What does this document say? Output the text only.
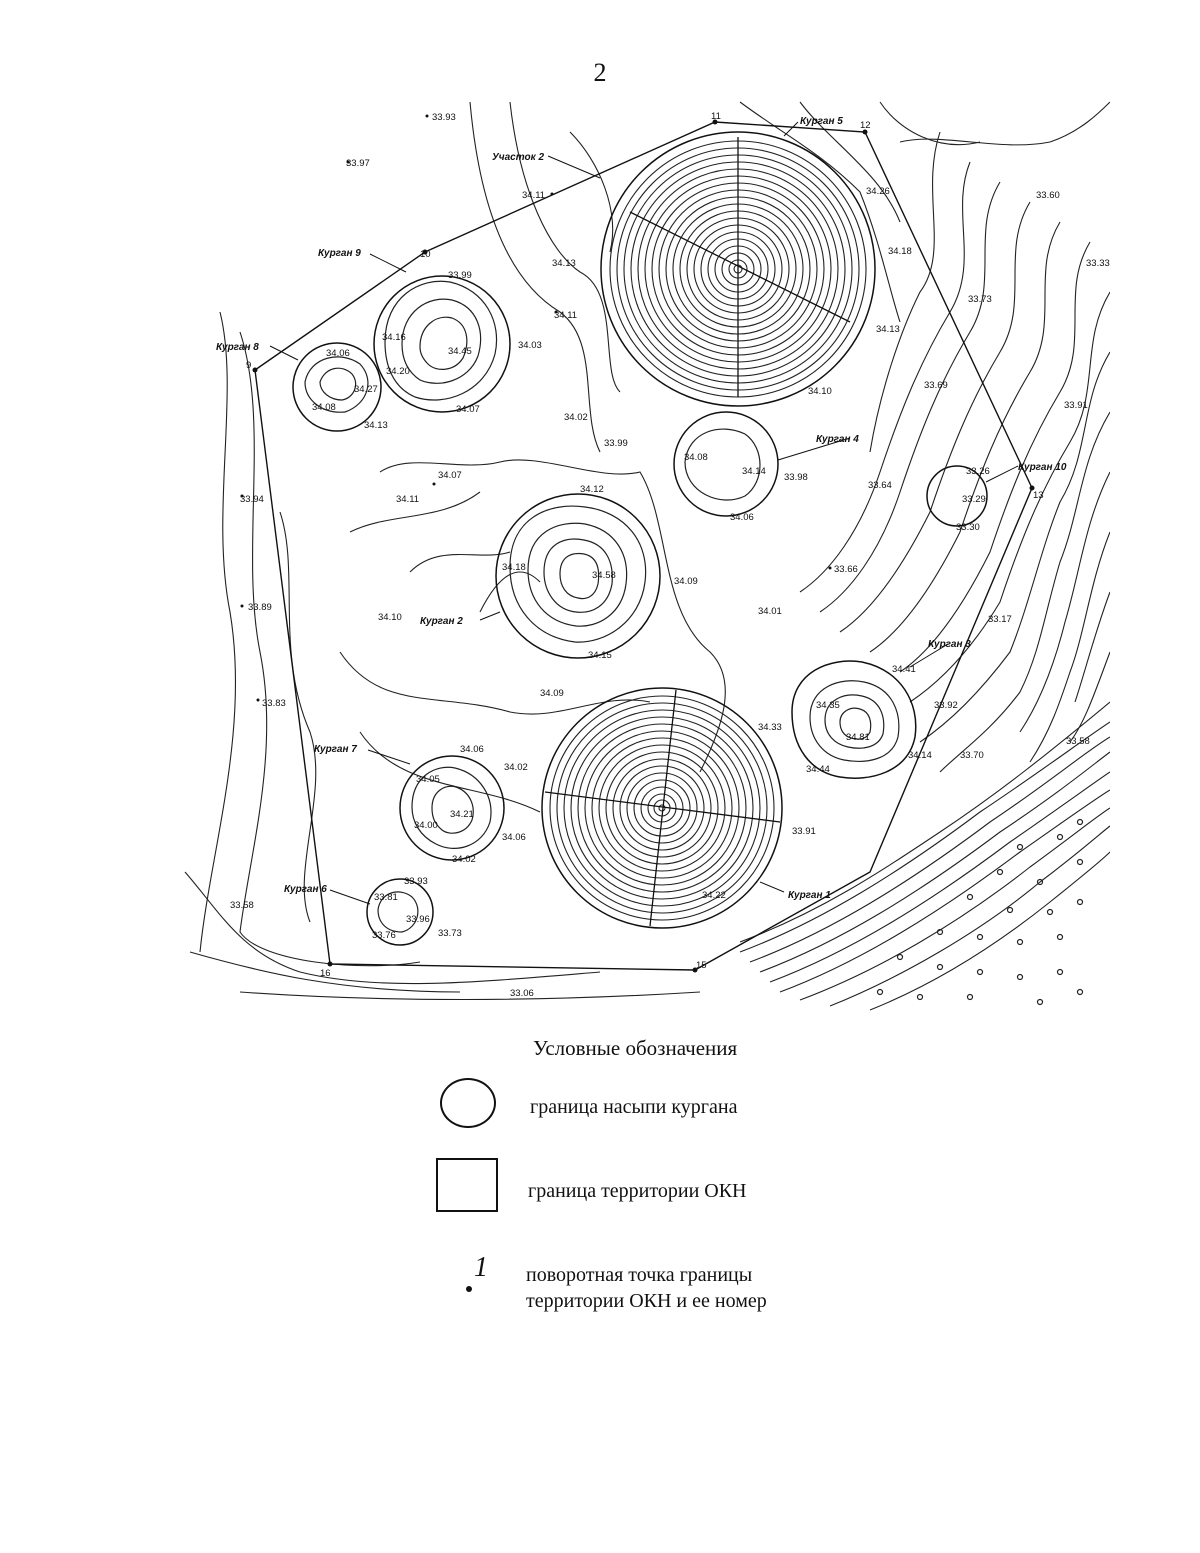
2
Курган 5
Курган 9
Курган 8
Курган 4
Курган 10
Курган 2
Курган 3
Курган 7
Курган 6
Курган 1
Участок 2
9
10
11
12
13
15
16
33.93
33.97
34.11
34.13
34.11
33.99
34.16
34.45
34.20
34.03
34.07
34.06
34.27
34.08
34.13
34.02
33.99
34.07
34.11
33.94
34.12
34.18
34.58
34.09
33.89
34.10
34.15
34.09
33.83
34.06
34.02
34.05
34.21
34.00
34.06
34.02
33.93
33.81
33.96
33.76	33.73
33.58
33.06
34.08
34.14
34.06
33.98
34.10
34.13
33.60
34.26
34.18
33.73
33.69
33.91
33.64
33.26
33.29
33.30
33.66
34.01
33.17
34.35
34.81
34.33
34.44
34.14	33.70
33.58
33.91
33.92
34.41
34.22
33.33
Условные обозначения
граница насыпи кургана
граница территории ОКН
1 поворотная точка границы
территории ОКН и ее номер
